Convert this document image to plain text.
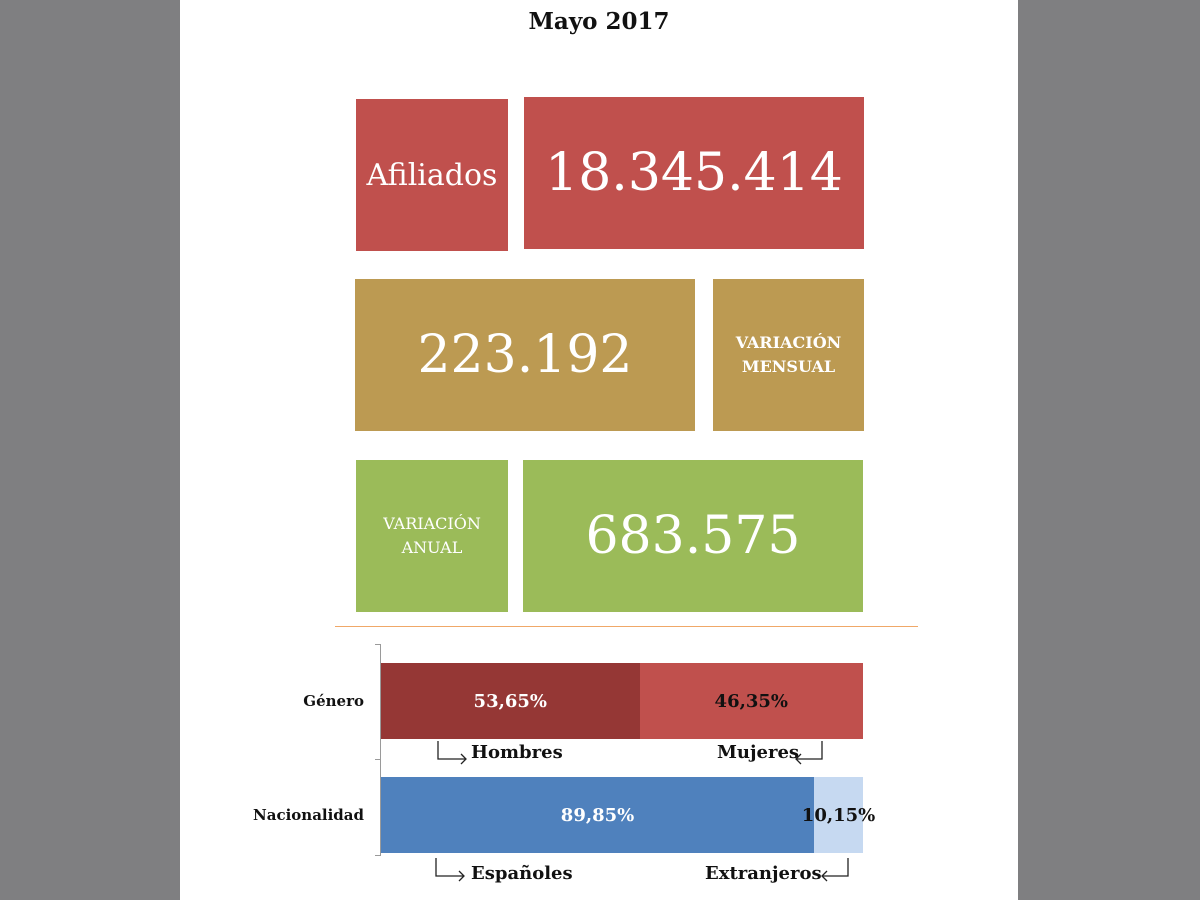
Mayo 2017
Afiliados 18.345.414
223.192	VARIACIÓN MENSUAL
VARIACIÓN ANUAL	683.575
Género
Nacionalidad
53,65%	46,35%
89,85%	10,15%
Hombres	Mujeres
Españoles	Extranjeros
